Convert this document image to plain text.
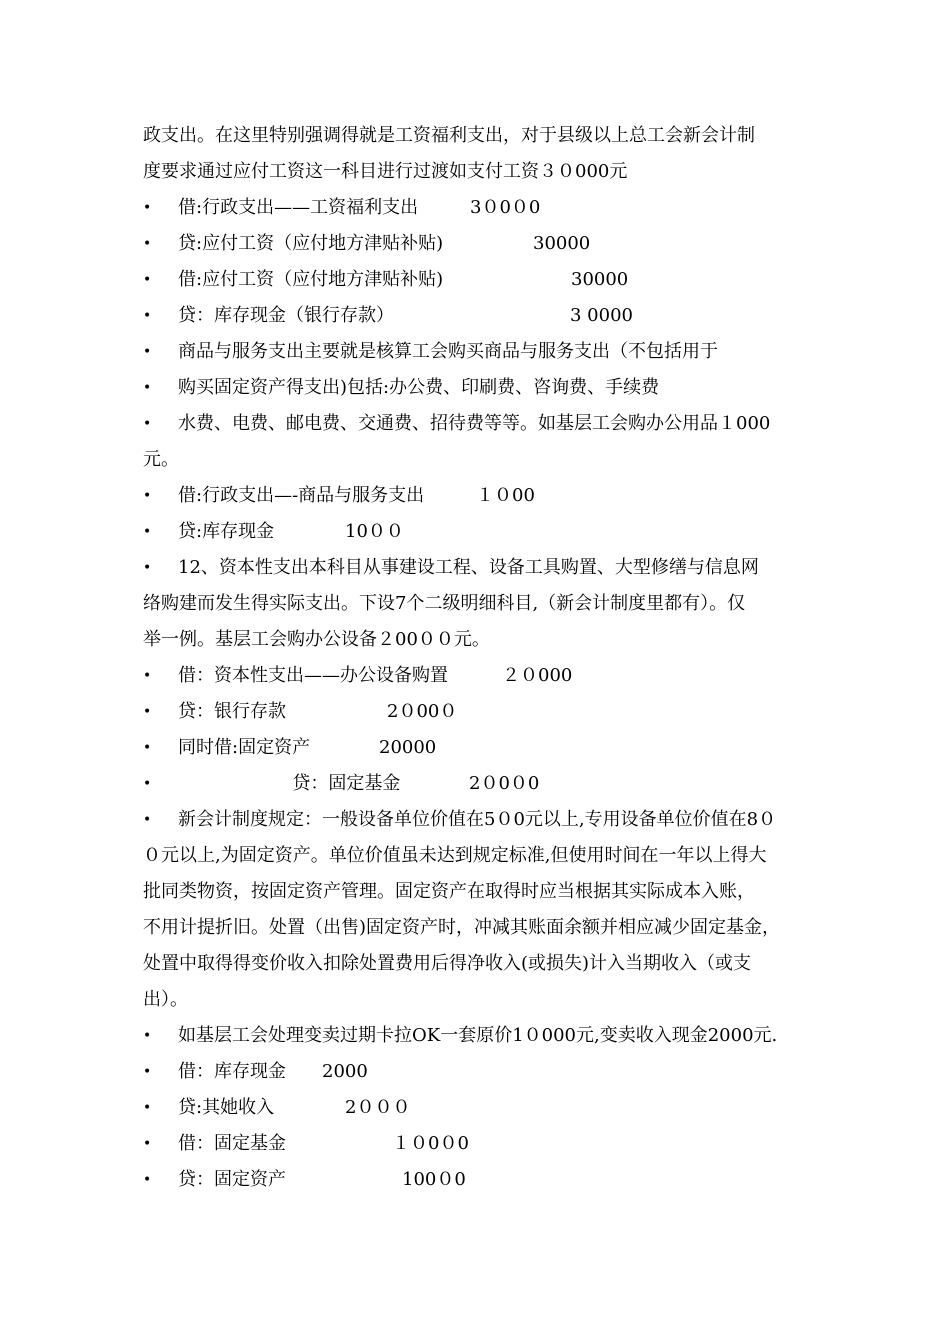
政支出。在这里特别强调得就是工资福利支出，对于县级以上总工会新会计制
度要求通过应付工资这一科目进行过渡如支付工资３０000元
• 借:行政支出——工资福利支出	3０0０0
• 贷:应付工资（应付地方津贴补贴)	30000
• 借:应付工资（应付地方津贴补贴)	30000
• 贷：库存现金（银行存款）	3 0000
• 商品与服务支出主要就是核算工会购买商品与服务支出（不包括用于
• 购买固定资产得支出)包括:办公费、印刷费、咨询费、手续费
• 水费、电费、邮电费、交通费、招待费等等。如基层工会购办公用品１000
元。
• 借:行政支出—-商品与服务支出	１０00
• 贷:库存现金	10００
• 12、资本性支出本科目从事建设工程、设备工具购置、大型修缮与信息网
络购建而发生得实际支出。下设7个二级明细科目,（新会计制度里都有）。仅
举一例。基层工会购办公设备２00００元。
• 借：资本性支出——办公设备购置	２０000
• 贷：银行存款	2０00０
• 同时借:固定资产	20000
• 贷：固定基金	2０0０0
• 新会计制度规定：一般设备单位价值在5０0元以上,专用设备单位价值在8０
０元以上,为固定资产。单位价值虽未达到规定标准,但使用时间在一年以上得大
批同类物资，按固定资产管理。固定资产在取得时应当根据其实际成本入账，
不用计提折旧。处置（出售)固定资产时，冲减其账面余额并相应减少固定基金，
处置中取得得变价收入扣除处置费用后得净收入(或损失)计入当期收入（或支
出）。
• 如基层工会处理变卖过期卡拉OK一套原价1０000元,变卖收入现金2000元.
• 借：库存现金 2000
• 贷:其她收入	2０００
• 借：固定基金	１０0０0
• 贷：固定资产	100０0
